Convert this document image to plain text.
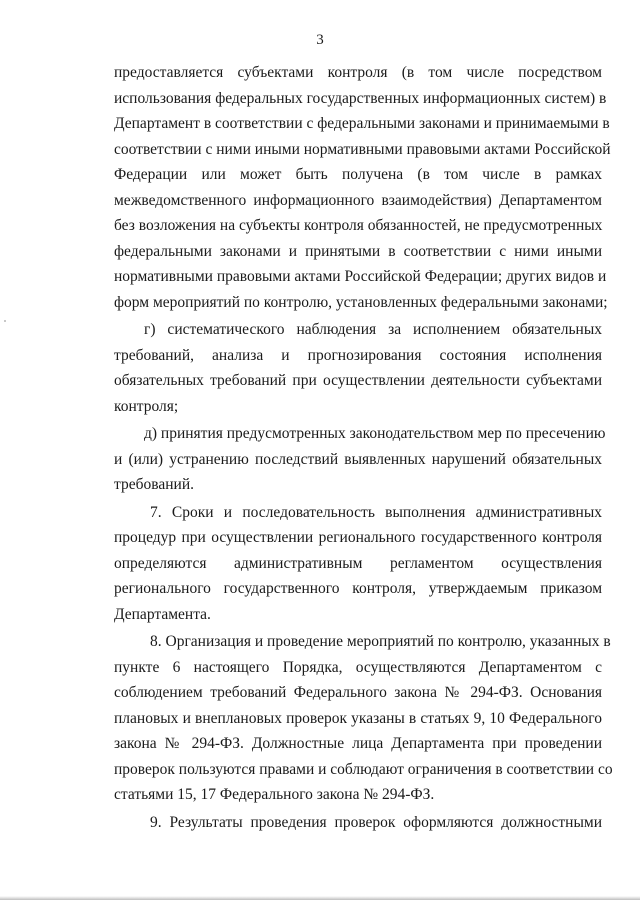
3
предоставляется субъектами контроля (в том числе посредством
использования федеральных государственных информационных систем) в
Департамент в соответствии с федеральными законами и принимаемыми в
соответствии с ними иными нормативными правовыми актами Российской
Федерации или может быть получена (в том числе в рамках
межведомственного информационного взаимодействия) Департаментом
без возложения на субъекты контроля обязанностей, не предусмотренных
федеральными законами и принятыми в соответствии с ними иными
нормативными правовыми актами Российской Федерации; других видов и
форм мероприятий по контролю, установленных федеральными законами;
г) систематического наблюдения за исполнением обязательных
требований, анализа и прогнозирования состояния исполнения
обязательных требований при осуществлении деятельности субъектами
контроля;
д) принятия предусмотренных законодательством мер по пресечению
и (или) устранению последствий выявленных нарушений обязательных
требований.
7. Сроки и последовательность выполнения административных
процедур при осуществлении регионального государственного контроля
определяются административным регламентом осуществления
регионального государственного контроля, утверждаемым приказом
Департамента.
8. Организация и проведение мероприятий по контролю, указанных в
пункте 6 настоящего Порядка, осуществляются Департаментом с
соблюдением требований Федерального закона № 294-ФЗ. Основания
плановых и внеплановых проверок указаны в статьях 9, 10 Федерального
закона № 294-ФЗ. Должностные лица Департамента при проведении
проверок пользуются правами и соблюдают ограничения в соответствии со
статьями 15, 17 Федерального закона № 294-ФЗ.
9. Результаты проведения проверок оформляются должностными
